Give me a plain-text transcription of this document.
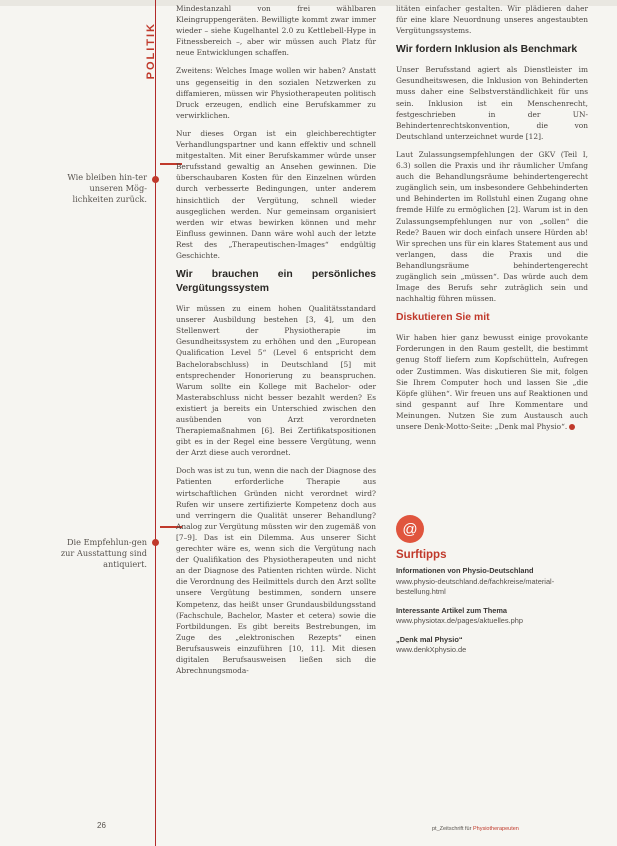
POLITIK
Wie bleiben hin-ter unseren Mög-lichkeiten zurück.
Die Empfehlun-gen zur Ausstattung sind antiquiert.

Mindestanzahl von frei wählbaren Kleingruppengeräten. Bewilligte kommt zwar immer wieder – siehe Kugelhantel 2.0 zu Kettlebell-Hype in Fitnessbereich –, aber wir müssen auch Platz für neue Entwicklungen schaffen.

Zweitens: Welches Image wollen wir haben? Anstatt uns gegenseitig in den sozialen Netzwerken zu diffamieren, müssen wir Physiotherapeuten politisch Druck erzeugen, endlich eine Berufskammer zu verwirklichen.

Nur dieses Organ ist ein gleichberechtigter Verhandlungspartner und kann effektiv und schnell mitgestalten. Mit einer Berufskammer würde unser Berufsstand gewaltig an Ansehen gewinnen. Die überschaubaren Kosten für den Einzelnen würden durch verbesserte Bedingungen, unter anderem hinsichtlich der Vergütung, schnell wieder ausgeglichen werden. Nur gemeinsam organisiert werden wir etwas bewirken können und mehr Einfluss gewinnen. Dann wäre wohl auch der letzte Rest des „Therapeutischen-Images“ endgültig Geschichte.

Wir brauchen ein persönliches Vergütungssystem

Wir müssen zu einem hohen Qualitätsstandard unserer Ausbildung bestehen [3, 4], um den Stellenwert der Physiotherapie im Gesundheitssystem zu erhöhen und den „European Qualification Level 5“ (Level 6 entspricht dem Bachelorabschluss) in Deutschland [5] mit entsprechender Honorierung zu beanspruchen. Warum sollte ein Kollege mit Bachelor- oder Masterabschluss nicht besser bezahlt werden? Es existiert ja bereits ein Unterschied zwischen den ausübenden von Arzt verordneten Therapiemaßnahmen [6]. Bei Zertifikatspositionen gibt es in der Regel eine bessere Vergütung, wenn der Arzt diese auch verordnet.

Doch was ist zu tun, wenn die nach der Diagnose des Patienten erforderliche Therapie aus wirtschaftlichen Gründen nicht verordnet wird? Rufen wir unsere zertifizierte Kompetenz doch aus und verringern die Qualität unserer Behandlung? Analog zur Vergütung müssten wir den zugemäß von [7–9]. Das ist ein Dilemma. Aus unserer Sicht gerechter wäre es, wenn sich die Vergütung nach der Qualifikation des Physiotherapeuten und nicht an der Diagnose des Patienten richten würde. Nicht die Verordnung des Heilmittels durch den Arzt sollte unsere Vergütung bestimmen, sondern unsere Kompetenz, das heißt unser Grundausbildungsstand (Fachschule, Bachelor, Master et cetera) sowie die Fortbildungen. Es gibt bereits Bestrebungen, im Zuge des „elektronischen Rezepts“ einen Berufsausweis einzuführen [10, 11]. Mit diesen digitalen Berufsausweisen ließen sich die Abrechnungsmoda-

litäten einfacher gestalten. Wir plädieren daher für eine klare Neuordnung unseres angestaubten Vergütungssystems.

Wir fordern Inklusion als Benchmark

Unser Berufsstand agiert als Dienstleister im Gesundheitswesen, die Inklusion von Behinderten muss daher eine Selbstverständlichkeit für uns sein. Inklusion ist ein Menschenrecht, festgeschrieben in der UN-Behindertenrechtskonvention, die von Deutschland unterzeichnet wurde [12].

Laut Zulassungsempfehlungen der GKV (Teil I, 6.3) sollen die Praxis und ihr räumlicher Umfang auch die Behandlungsräume behindertengerecht zugänglich sein, um insbesondere Gehbehinderten und Behinderten im Rollstuhl einen Zugang ohne fremde Hilfe zu ermöglichen [2]. Warum ist in den Zulassungsempfehlungen nur von „sollen“ die Rede? Bauen wir doch einfach unsere Hürden ab! Wir sprechen uns für ein klares Statement aus und verlangen, dass die Praxis und die Behandlungsräume behindertengerecht zugänglich sein „müssen“. Das würde auch dem Image des Berufs sehr zuträglich sein und nachhaltig führen müssen.

Diskutieren Sie mit

Wir haben hier ganz bewusst einige provokante Forderungen in den Raum gestellt, die bestimmt genug Stoff liefern zum Kopfschütteln, Aufregen oder Zustimmen. Was diskutieren Sie mit, folgen Sie Ihrem Computer hoch und lassen Sie „die Köpfe glühen“. Wir freuen uns auf Reaktionen und sind gespannt auf Ihre Kommentare und Meinungen. Nutzen Sie zum Austausch auch unsere Denk-Motto-Seite: „Denk mal Physio“.

@
Surftipps
Informationen von Physio-Deutschland
www.physio-deutschland.de/fachkreise/material-bestellung.html
Interessante Artikel zum Thema
www.physiotax.de/pages/aktuelles.php
„Denk mal Physio“
www.denkXphysio.de
26	pt_Zeitschrift für Physiotherapeuten
